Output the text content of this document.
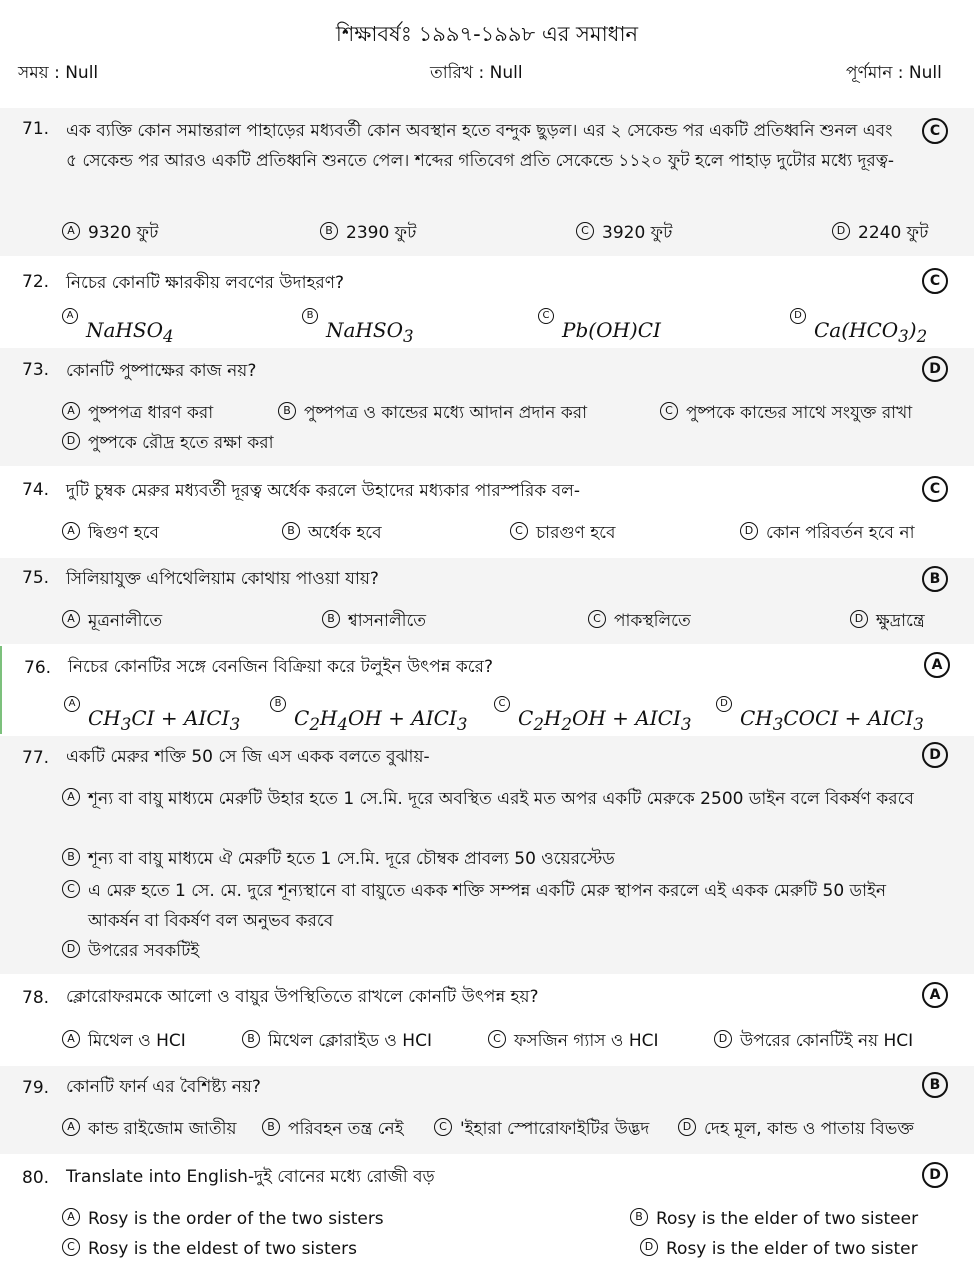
শিক্ষাবর্ষঃ ১৯৯৭-১৯৯৮ এর সমাধান
সময় : Null	তারিখ : Null	পূর্ণমান : Null
71. এক ব্যক্তি কোন সমান্তরাল পাহাড়ের মধ্যবর্তী কোন অবস্থান হতে বন্দুক ছুড়ল। এর ২ সেকেন্ড পর একটি প্রতিধ্বনি শুনল এবং ৫ সেকেন্ড পর আরও একটি প্রতিধ্বনি শুনতে পেল। শব্দের গতিবেগ প্রতি সেকেন্ডে ১১২০ ফুট হলে পাহাড় দুটোর মধ্যে দূরত্ব-
C
A 9320 ফুট	B 2390 ফুট	C 3920 ফুট	D 2240 ফুট
72. নিচের কোনটি ক্ষারকীয় লবণের উদাহরণ?	C
ANaHSO$_4$
BNaHSO$_3$
CPb(OH)CI
$DCa(HCO_3)_2$
73. কোনটি পুষ্পাক্ষের কাজ নয়?	D
A পুষ্পপত্র ধারণ করা	B পুষ্পপত্র ও কান্ডের মধ্যে আদান প্রদান করা	C পুষ্পকে কান্ডের সাথে সংযুক্ত রাখা
D পুষ্পকে রৌদ্র হতে রক্ষা করা
74. দুটি চুম্বক মেরুর মধ্যবর্তী দূরত্ব অর্ধেক করলে উহাদের মধ্যকার পারস্পরিক বল-	C
A দ্বিগুণ হবে	B অর্ধেক হবে	C চারগুণ হবে	D কোন পরিবর্তন হবে না
75. সিলিয়াযুক্ত এপিথেলিয়াম কোথায় পাওয়া যায়?	B
A মূত্রনালীতে	B শ্বাসনালীতে	C পাকস্থলিতে	D ক্ষুদ্রান্ত্রে
76. নিচের কোনটির সঙ্গে বেনজিন বিক্রিয়া করে টলুইন উৎপন্ন করে?	A
$ACH_3CI$ + $AICI_3$
$BC_2H_4OH$ + $AICI_3$
$CC_2H_2OH$ + $AICI_3$
$DCH_3COCI$ + $AICI_3$
77. একটি মেরুর শক্তি 50 সে জি এস একক বলতে বুঝায়-	D
A শূন্য বা বায়ু মাধ্যমে মেরুটি উহার হতে 1 সে.মি. দূরে অবস্থিত এরই মত অপর একটি মেরুকে 2500 ডাইন বলে বিকর্ষণ করবে
B শূন্য বা বায়ু মাধ্যমে ঐ মেরুটি হতে 1 সে.মি. দূরে চৌম্বক প্রাবল্য 50 ওয়েরস্টেড
C এ মেরু হতে 1 সে. মে. দুরে শূন্যস্থানে বা বায়ুতে একক শক্তি সম্পন্ন একটি মেরু স্থাপন করলে এই একক মেরুটি 50 ডাইন আকর্ষন বা বিকর্ষণ বল অনুভব করবে
D উপরের সবকটিই
78. ক্লোরোফরমকে আলো ও বায়ুর উপস্থিতিতে রাখলে কোনটি উৎপন্ন হয়?	A
A মিথেল ও HCI	B মিথেল ক্লোরাইড ও HCI	C ফসজিন গ্যাস ও HCI	D উপরের কোনটিই নয় HCI
79. কোনটি ফার্ন এর বৈশিষ্ট্য নয়?	B
A কান্ড রাইজোম জাতীয়	B পরিবহন তন্ত্র নেই	C 'ইহারা স্পোরোফাইটির উদ্ভদ	D দেহ মূল, কান্ড ও পাতায় বিভক্ত
80. Translate into English-দুই বোনের মধ্যে রোজী বড়	D
A Rosy is the order of the two sisters	B Rosy is the elder of two sisteer
C Rosy is the eldest of two sisters	D Rosy is the elder of two sister
